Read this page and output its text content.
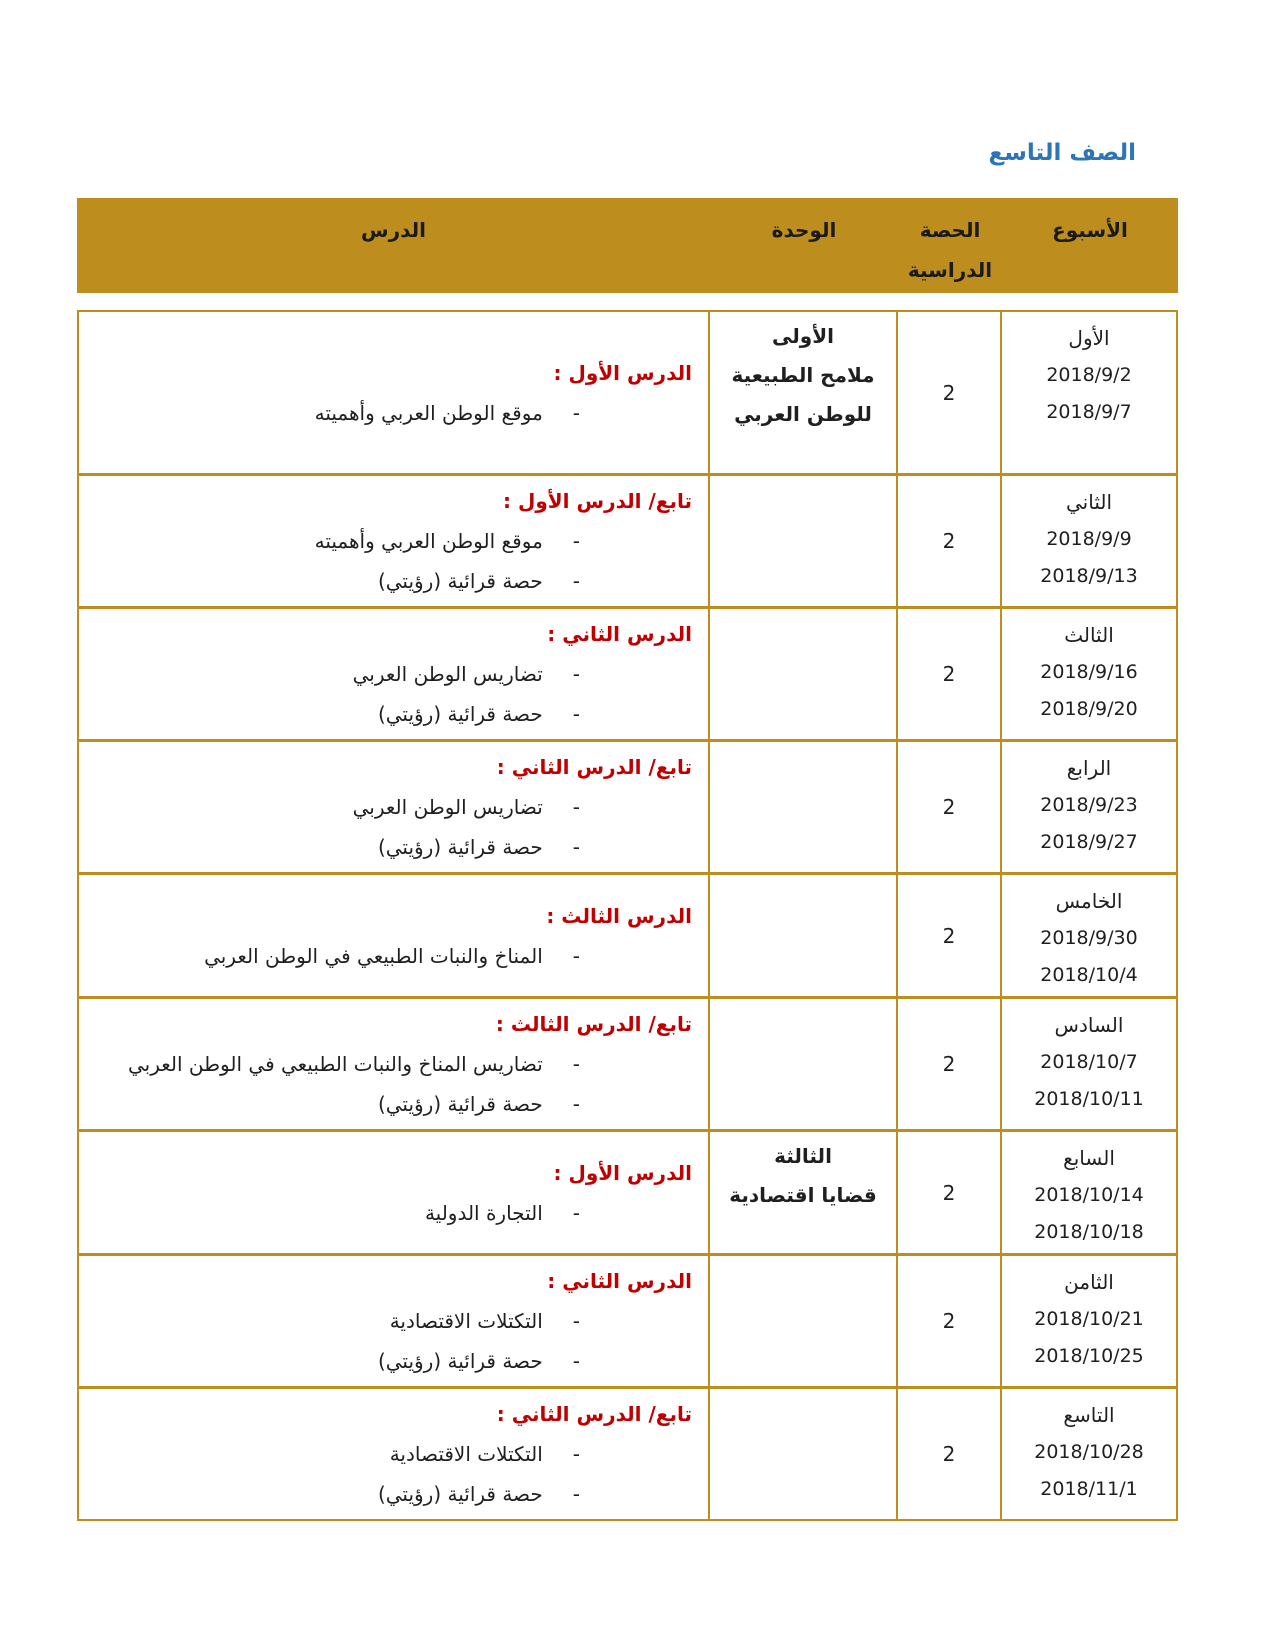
الصف التاسع
الأسبوع
الحصة
الدراسية
الوحدة
الدرس
الأول
2018/9/2
2018/9/7
2
الأولى
ملامح الطبيعية
للوطن العربي
الدرس الأول :
-موقع الوطن العربي وأهميته
الثاني
2018/9/9
2018/9/13
2
تابع/ الدرس الأول :
-موقع الوطن العربي وأهميته
-حصة قرائية (رؤيتي)
الثالث
2018/9/16
2018/9/20
2
الدرس الثاني :
-تضاريس الوطن العربي
-حصة قرائية (رؤيتي)
الرابع
2018/9/23
2018/9/27
2
تابع/ الدرس الثاني :
-تضاريس الوطن العربي
-حصة قرائية (رؤيتي)
الخامس
2018/9/30
2018/10/4
2
الدرس الثالث :
-المناخ والنبات الطبيعي في الوطن العربي
السادس
2018/10/7
2018/10/11
2
تابع/ الدرس الثالث :
-تضاريس المناخ والنبات الطبيعي في الوطن العربي
-حصة قرائية (رؤيتي)
السابع
2018/10/14
2018/10/18
2
الثالثة
قضايا اقتصادية
الدرس الأول :
-التجارة الدولية
الثامن
2018/10/21
2018/10/25
2
الدرس الثاني :
-التكتلات الاقتصادية
-حصة قرائية (رؤيتي)
التاسع
2018/10/28
2018/11/1
2
تابع/ الدرس الثاني :
-التكتلات الاقتصادية
-حصة قرائية (رؤيتي)
